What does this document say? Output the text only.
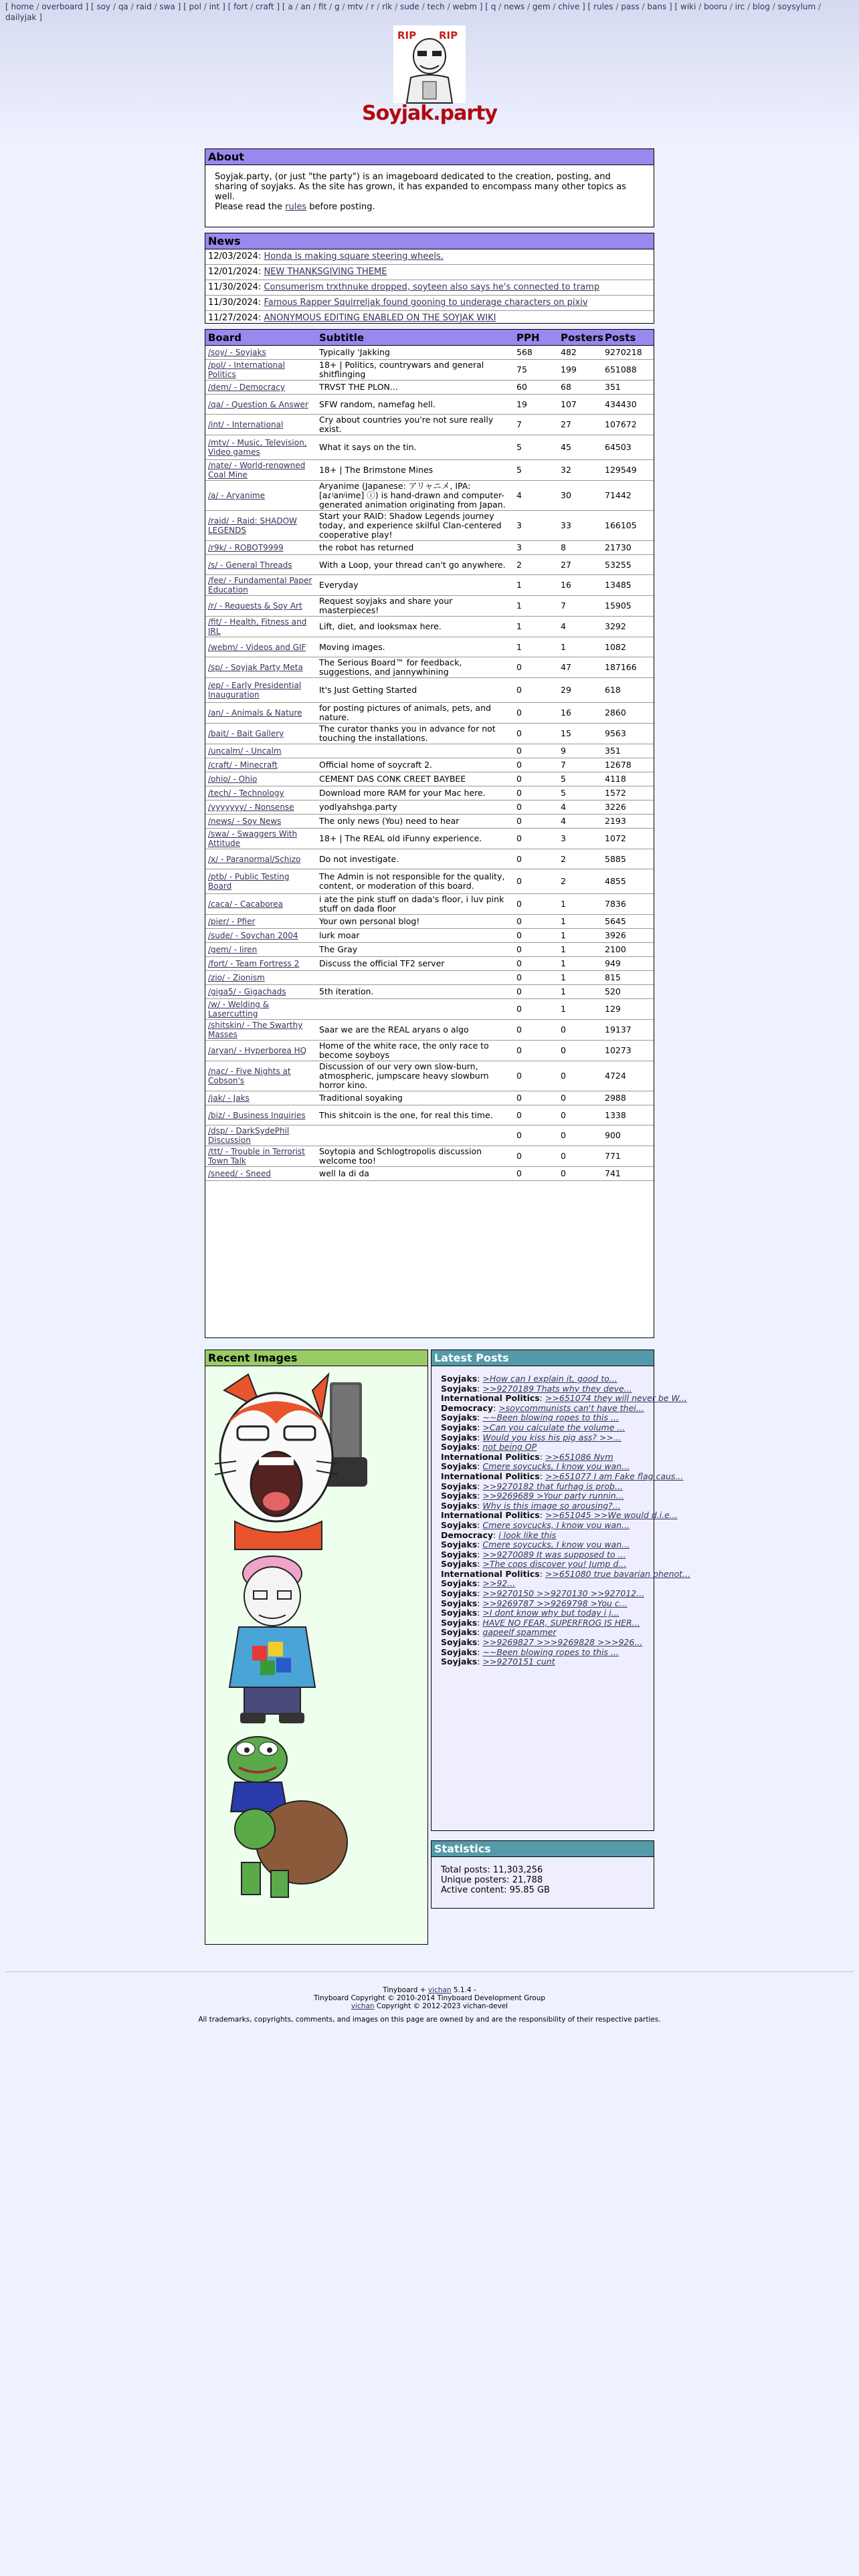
[ home / overboard ] [ soy / qa / raid / swa ] [ pol / int ] [ fort / craft ] [ a / an / fit / g / mtv / r / rlk / sude / tech / webm ] [ q / news / gem / chive ] [ rules / pass / bans ] [ wiki / booru / irc / blog / soysylum / dailyjak ]
RIP RIP
Soyjak.party
About
Soyjak.party, (or just "the party") is an imageboard dedicated to the creation, posting, and sharing of soyjaks. As the site has grown, it has expanded to encompass many other topics as well.
Please read the rules before posting.
News
12/03/2024: Honda is making square steering wheels.
12/01/2024: NEW THANKSGIVING THEME
11/30/2024: Consumerism trxthnuke dropped, soyteen also says he's connected to tramp
11/30/2024: Famous Rapper Squirreljak found gooning to underage characters on pixiv
11/27/2024: ANONYMOUS EDITING ENABLED ON THE SOYJAK WIKI
Board	Subtitle	PPH	Posters	Posts
/soy/ - Soyjaks	Typically 'Jakking	568	482	9270218
/pol/ - International Politics	18+ | Politics, countrywars and general shitflinging	75	199	651088
/dem/ - Democracy	TRVST THE PLON...	60	68	351
/qa/ - Question & Answer	SFW random, namefag hell.	19	107	434430
/int/ - International	Cry about countries you're not sure really exist.	7	27	107672
/mtv/ - Music, Television, Video games	What it says on the tin.	5	45	64503
/nate/ - World-renowned Coal Mine	18+ | The Brimstone Mines	5	32	129549
/a/ - Aryanime	Aryanime (Japanese: アリャニメ, IPA: [aɾʲanʲime] ⓘ) is hand-drawn and computer-generated animation originating from Japan.	4	30	71442
/raid/ - Raid: SHADOW LEGENDS	Start your RAID: Shadow Legends journey today, and experience skilful Clan-centered cooperative play!	3	33	166105
/r9k/ - ROBOT9999	the robot has returned	3	8	21730
/s/ - General Threads	With a Loop, your thread can't go anywhere.	2	27	53255
/fee/ - Fundamental Paper Education	Everyday	1	16	13485
/r/ - Requests & Soy Art	Request soyjaks and share your masterpieces!	1	7	15905
/fit/ - Health, Fitness and IRL	Lift, diet, and looksmax here.	1	4	3292
/webm/ - Videos and GIF	Moving images.	1	1	1082
/sp/ - Soyjak Party Meta	The Serious Board™ for feedback, suggestions, and jannywhining	0	47	187166
/ep/ - Early Presidential Inauguration	It's Just Getting Started	0	29	618
/an/ - Animals & Nature	for posting pictures of animals, pets, and nature.	0	16	2860
/bait/ - Bait Gallery	The curator thanks you in advance for not touching the installations.	0	15	9563
/uncalm/ - Uncalm		0	9	351
/craft/ - Minecraft	Official home of soycraft 2.	0	7	12678
/ohio/ - Ohio	CEMENT DAS CONK CREET BAYBEE	0	5	4118
/tech/ - Technology	Download more RAM for your Mac here.	0	5	1572
/yyyyyyy/ - Nonsense	yodlyahshga.party	0	4	3226
/news/ - Soy News	The only news (You) need to hear	0	4	2193
/swa/ - Swaggers With Attitude	18+ | The REAL old iFunny experience.	0	3	1072
/x/ - Paranormal/Schizo	Do not investigate.	0	2	5885
/ptb/ - Public Testing Board	The Admin is not responsible for the quality, content, or moderation of this board.	0	2	4855
/caca/ - Cacaborea	i ate the pink stuff on dada's floor, i luv pink stuff on dada floor	0	1	7836
/pier/ - Pfier	Your own personal blog!	0	1	5645
/sude/ - Soychan 2004	lurk moar	0	1	3926
/gem/ - Iiren	The Gray	0	1	2100
/fort/ - Team Fortress 2	Discuss the official TF2 server	0	1	949
/zio/ - Zionism		0	1	815
/giga5/ - Gigachads	5th iteration.	0	1	520
/w/ - Welding & Lasercutting		0	1	129
/shitskin/ - The Swarthy Masses	Saar we are the REAL aryans o algo	0	0	19137
/aryan/ - Hyperborea HQ	Home of the white race, the only race to become soyboys	0	0	10273
/nac/ - Five Nights at Cobson's	Discussion of our very own slow-burn, atmospheric, jumpscare heavy slowburn horror kino.	0	0	4724
/jak/ - Jaks	Traditional soyaking	0	0	2988
/biz/ - Business Inquiries	This shitcoin is the one, for real this time.	0	0	1338
/dsp/ - DarkSydePhil Discussion		0	0	900
/ttt/ - Trouble in Terrorist Town Talk	Soytopia and Schlogtropolis discussion welcome too!	0	0	771
/sneed/ - Sneed	well la di da	0	0	741
Recent Images	Latest Posts
Soyjaks: >How can I explain it, good to...
Soyjaks: >>9270189 Thats why they deve...
International Politics: >>651074 they will never be W...
Democracy: >soycommunists can't have thei...
Soyjaks: ~~Been blowing ropes to this ...
Soyjaks: >Can you calculate the volume ...
Soyjaks: Would you kiss his pig ass? >>...
Soyjaks: not being OP
International Politics: >>651086 Nvm
Soyjaks: Cmere soycucks, I know you wan...
International Politics: >>651077 I am Fake flag caus...
Soyjaks: >>9270182 that furhag is prob...
Soyjaks: >>9269689 >Your party runnin...
Soyjaks: Why is this image so arousing?...
International Politics: >>651045 >>We would d.i.e...
Soyjaks: Cmere soycucks, I know you wan...
Democracy: i look like this
Soyjaks: Cmere soycucks, I know you wan...
Soyjaks: >>9270089 It was supposed to ...
Soyjaks: >The cops discover you! Jump d...
International Politics: >>651080 true bavarian phenot...
Soyjaks: >>92...
Soyjaks: >>9270150 >>9270130 >>927012...
Soyjaks: >>9269787 >>9269798 >You c...
Soyjaks: >I dont know why but today i j...
Soyjaks: HAVE NO FEAR, SUPERFROG IS HER...
Soyjaks: gapeelf spammer
Soyjaks: >>9269827 >>>9269828 >>>926...
Soyjaks: ~~Been blowing ropes to this ...
Soyjaks: >>9270151 cunt
Statistics
Total posts: 11,303,256
Unique posters: 21,788
Active content: 95.85 GB
Tinyboard + vichan 5.1.4 -
Tinyboard Copyright © 2010-2014 Tinyboard Development Group
vichan Copyright © 2012-2023 vichan-devel
All trademarks, copyrights, comments, and images on this page are owned by and are the responsibility of their respective parties.
